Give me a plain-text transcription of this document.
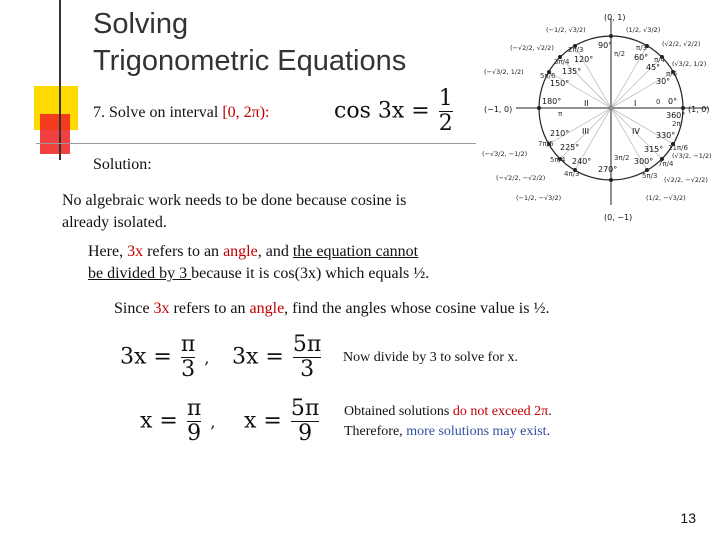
Solving
Trigonometric Equations
7. Solve on interval [0, 2π):	$\cos 3x = \frac{1}{2}$
Solution:
No algebraic work needs to be done because cosine is
already isolated.
Here, 3x refers to an angle, and the equation cannot
be divided by 3 because it is cos(3x) which equals ½.
Since 3x refers to an angle, find the angles whose cosine value is ½.
$3x = \frac{\pi}{3}$ , $3x = \frac{5\pi}{3}$ Now divide by 3 to solve for x.
$x = \frac{\pi}{9}$ , $x = \frac{5\pi}{9}$ Obtained solutions do not exceed 2π.
Therefore, more solutions may exist.
(0, 1)
(0, −1)
(−1, 0)	(1, 0)
II	I
III	IV
90°
0°
180°
270°
360°
60°
45°
30°
120°
135°
150°
210°
225°
240°	300°
315°
330°
π/2
π
3π/2
2π
0
π/3
π/4
π/6
2π/3
3π/4
5π/6
7π/6
5π/4
4π/3	5π/3
7π/4
11π/6
(1/2, √3/2)
(√2/2, √2/2)
(√3/2, 1/2)
(−1/2, √3/2)
(−√2/2, √2/2)
(−√3/2, 1/2)
(−√3/2, −1/2)
(−√2/2, −√2/2)
(−1/2, −√3/2)	(1/2, −√3/2)
(√2/2, −√2/2)
(√3/2, −1/2)
13
